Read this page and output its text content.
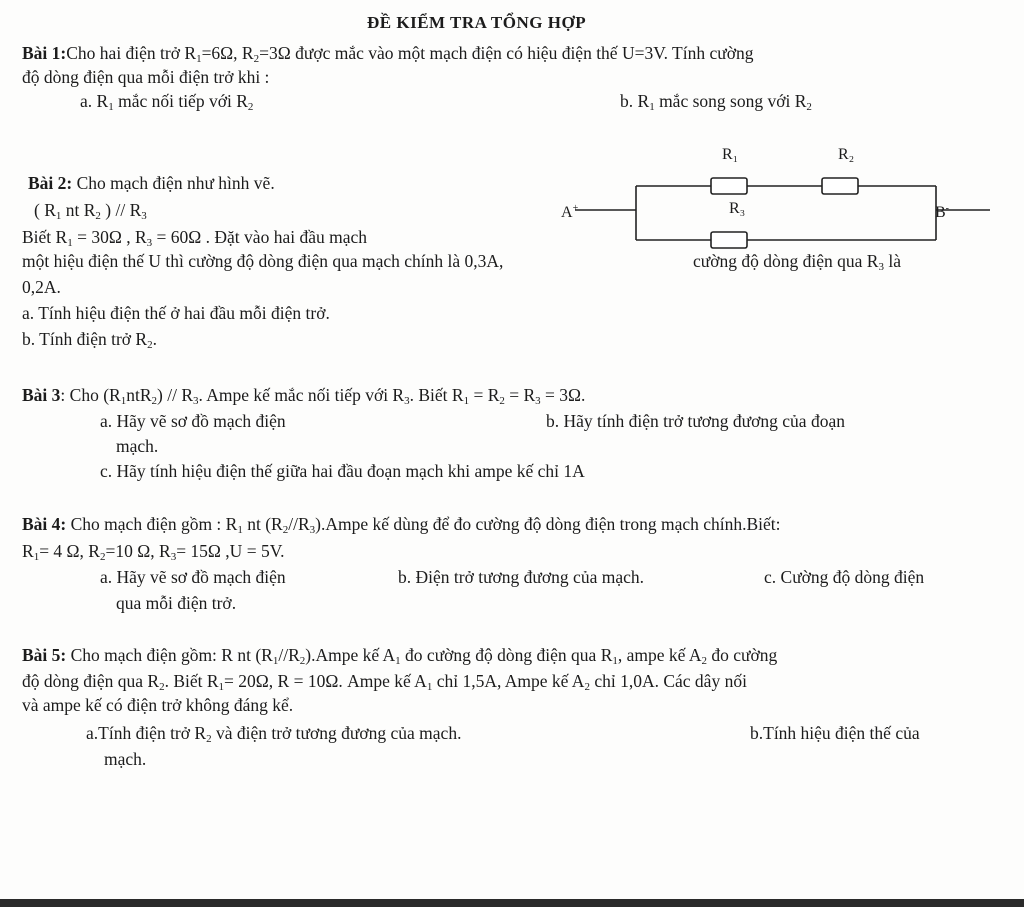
ĐỀ KIỂM TRA TỔNG HỢP
Bài 1:Cho hai điện trở $R_1=6\Omega$, $R_2=3\Omega$ được mắc vào một mạch điện có hiệu điện thế U=3V. Tính cường
độ dòng điện qua mỗi điện trở khi :
a. $R_1$ mắc nối tiếp với $R_2$	b. $R_1$ mắc song song với $R_2$
Bài 2: Cho mạch điện như hình vẽ.
( $R_1$ nt $R_2$ ) // $R_3$
Biết $R_1 = 30\Omega$ , $R_3 = 60\Omega$ . Đặt vào hai đầu mạch
một hiệu điện thế U thì cường độ dòng điện qua mạch chính là 0,3A,	cường độ dòng điện qua $R_3$ là
0,2A.
a. Tính hiệu điện thế ở hai đầu mỗi điện trở.
b. Tính điện trở $R_2$.
R₁	R₂
R₃
A+	B-
Bài 3: Cho $(R_1ntR_2) // R_3$. Ampe kế mắc nối tiếp với $R_3$. Biết $R_1 = R_2 = R_3 = 3\Omega$.
a. Hãy vẽ sơ đồ mạch điện	b. Hãy tính điện trở tương đương của đoạn
mạch.
c. Hãy tính hiệu điện thế giữa hai đầu đoạn mạch khi ampe kế chỉ 1A
Bài 4: Cho mạch điện gồm : $R_1$ nt $(R_2//R_3).Ampe$ kế dùng để đo cường độ dòng điện trong mạch chính.Biết:
$R_1= 4$ Ω, $R_2=10$ Ω, $R_3= 15\Omega$ ,U = 5V.
a. Hãy vẽ sơ đồ mạch điện	b. Điện trở tương đương của mạch.	c. Cường độ dòng điện
qua mỗi điện trở.
Bài 5: Cho mạch điện gồm: R nt $(R_1//R_2).Ampe$ kế $A_1$ đo cường độ dòng điện qua $R_1$, ampe kế $A_2$ đo cường
độ dòng điện qua $R_2$. Biết $R_1= 20\Omega$, R = 10Ω. Ampe kế $A_1$ chỉ 1,5A, Ampe kế $A_2$ chỉ 1,0A. Các dây nối
và ampe kế có điện trở không đáng kể.
a.Tính điện trở $R_2$ và điện trở tương đương của mạch.	b.Tính hiệu điện thế của
mạch.
